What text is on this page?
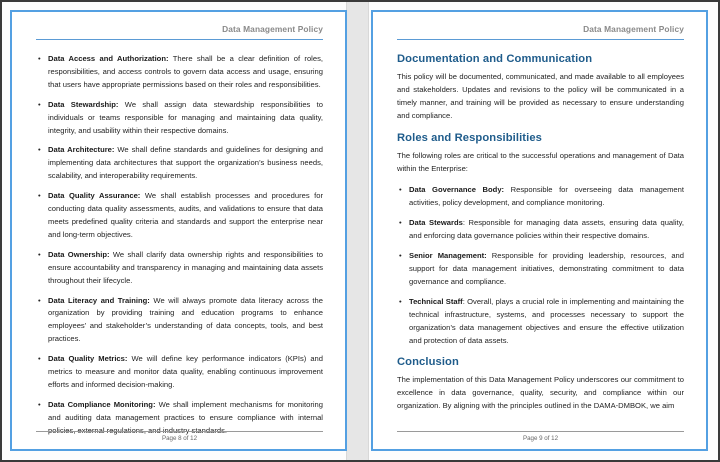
Data Management Policy
• Data Access and Authorization: There shall be a clear definition of roles, responsibilities, and access controls to govern data access and usage, ensuring that users have appropriate permissions based on their roles and responsibilities.
• Data Stewardship: We shall assign data stewardship responsibilities to individuals or teams responsible for managing and maintaining data quality, integrity, and usability within their respective domains.
• Data Architecture: We shall define standards and guidelines for designing and implementing data architectures that support the organization’s business needs, scalability, and interoperability requirements.
• Data Quality Assurance: We shall establish processes and procedures for conducting data quality assessments, audits, and validations to ensure that data meets predefined quality criteria and standards and support the enterprise near and long-term objectives.
• Data Ownership: We shall clarify data ownership rights and responsibilities to ensure accountability and transparency in managing and maintaining data assets throughout their lifecycle.
• Data Literacy and Training: We will always promote data literacy across the organization by providing training and education programs to enhance employees’ and stakeholder’s understanding of data concepts, tools, and best practices.
• Data Quality Metrics: We will define key performance indicators (KPIs) and metrics to measure and monitor data quality, enabling continuous improvement efforts and informed decision-making.
• Data Compliance Monitoring: We shall implement mechanisms for monitoring and auditing data management practices to ensure compliance with internal policies, external regulations, and industry standards.
Page 8 of 12
Data Management Policy
Documentation and Communication

This policy will be documented, communicated, and made available to all employees and stakeholders. Updates and revisions to the policy will be communicated in a timely manner, and training will be provided as necessary to ensure understanding and compliance.

Roles and Responsibilities

The following roles are critical to the successful operations and management of Data within the Enterprise:

• Data Governance Body: Responsible for overseeing data management activities, policy development, and compliance monitoring.
• Data Stewards: Responsible for managing data assets, ensuring data quality, and enforcing data governance policies within their respective domains.
• Senior Management: Responsible for providing leadership, resources, and support for data management initiatives, demonstrating commitment to data governance and compliance.
• Technical Staff: Overall, plays a crucial role in implementing and maintaining the technical infrastructure, systems, and processes necessary to support the organization’s data management objectives and ensure the effective utilization and protection of data assets.
Conclusion

The implementation of this Data Management Policy underscores our commitment to excellence in data governance, quality, security, and compliance within our organization. By aligning with the principles outlined in the DAMA-DMBOK, we aim

Page 9 of 12
